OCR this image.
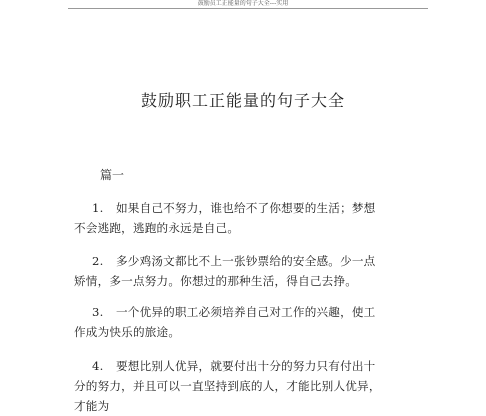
鼓励员工正能量的句子大全---实用
鼓励职工正能量的句子大全
篇一
1. 如果自己不努力，谁也给不了你想要的生活；梦想不会逃跑，逃跑的永远是自己。
2. 多少鸡汤文都比不上一张钞票给的安全感。少一点矫情，多一点努力。你想过的那种生活，得自己去挣。
3. 一个优异的职工必须培养自己对工作的兴趣，使工作成为快乐的旅途。
4. 要想比别人优异，就要付出十分的努力只有付出十分的努力，并且可以一直坚持到底的人，才能比别人优异，才能为
